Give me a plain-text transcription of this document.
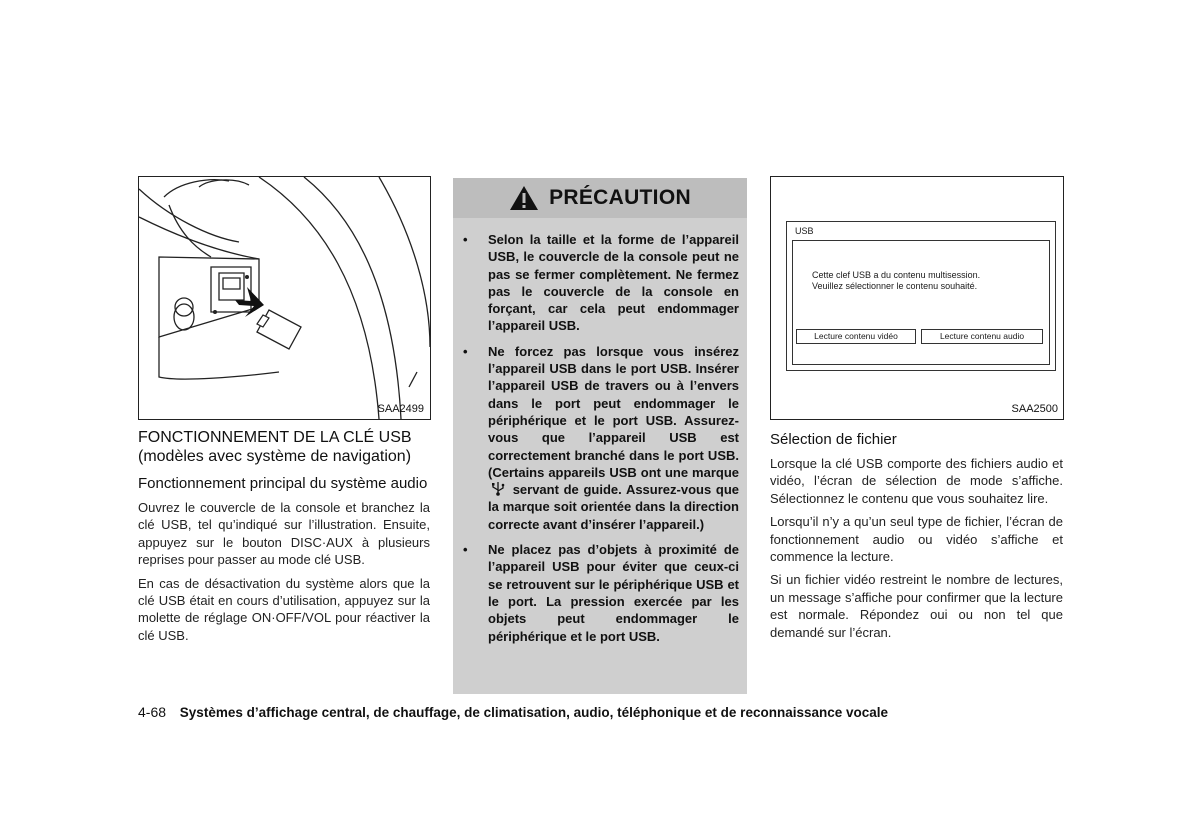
SAA2499
FONCTIONNEMENT DE LA CLÉ USB
(modèles avec système de navigation)
Fonctionnement principal du système audio

Ouvrez le couvercle de la console et branchez la clé USB, tel qu’indiqué sur l’illustration. Ensuite, appuyez sur le bouton DISC·AUX à plusieurs reprises pour passer au mode clé USB.

En cas de désactivation du système alors que la clé USB était en cours d’utilisation, appuyez sur la molette de réglage ON·OFF/VOL pour réactiver la clé USB.

PRÉCAUTION
• Selon la taille et la forme de l’appareil USB, le couvercle de la console peut ne pas se fermer complètement. Ne fermez pas le couvercle de la console en forçant, car cela peut endommager l’appareil USB.
• Ne forcez pas lorsque vous insérez l’appareil USB dans le port USB. Insérer l’appareil USB de travers ou à l’envers dans le port peut endommager le périphérique et le port USB. Assurez-vous que l’appareil USB est correctement branché dans le port USB. (Certains appareils USB ont une marque  servant de guide. Assurez-vous que la marque soit orientée dans la direction correcte avant d’insérer l’appareil.)
• Ne placez pas d’objets à proximité de l’appareil USB pour éviter que ceux-ci se retrouvent sur le périphérique USB et le port. La pression exercée par les objets peut endommager le périphérique et le port USB.
USB
Cette clef USB a du contenu multisession.
Veuillez sélectionner le contenu souhaité.
Lecture contenu vidéo	Lecture contenu audio
SAA2500
Sélection de fichier

Lorsque la clé USB comporte des fichiers audio et vidéo, l’écran de sélection de mode s’affiche. Sélectionnez le contenu que vous souhaitez lire.

Lorsqu’il n’y a qu’un seul type de fichier, l’écran de fonctionnement audio ou vidéo s’affiche et commence la lecture.

Si un fichier vidéo restreint le nombre de lectures, un message s’affiche pour confirmer que la lecture est normale. Répondez oui ou non tel que demandé sur l’écran.

4-68 Systèmes d’affichage central, de chauffage, de climatisation, audio, téléphonique et de reconnaissance vocale
